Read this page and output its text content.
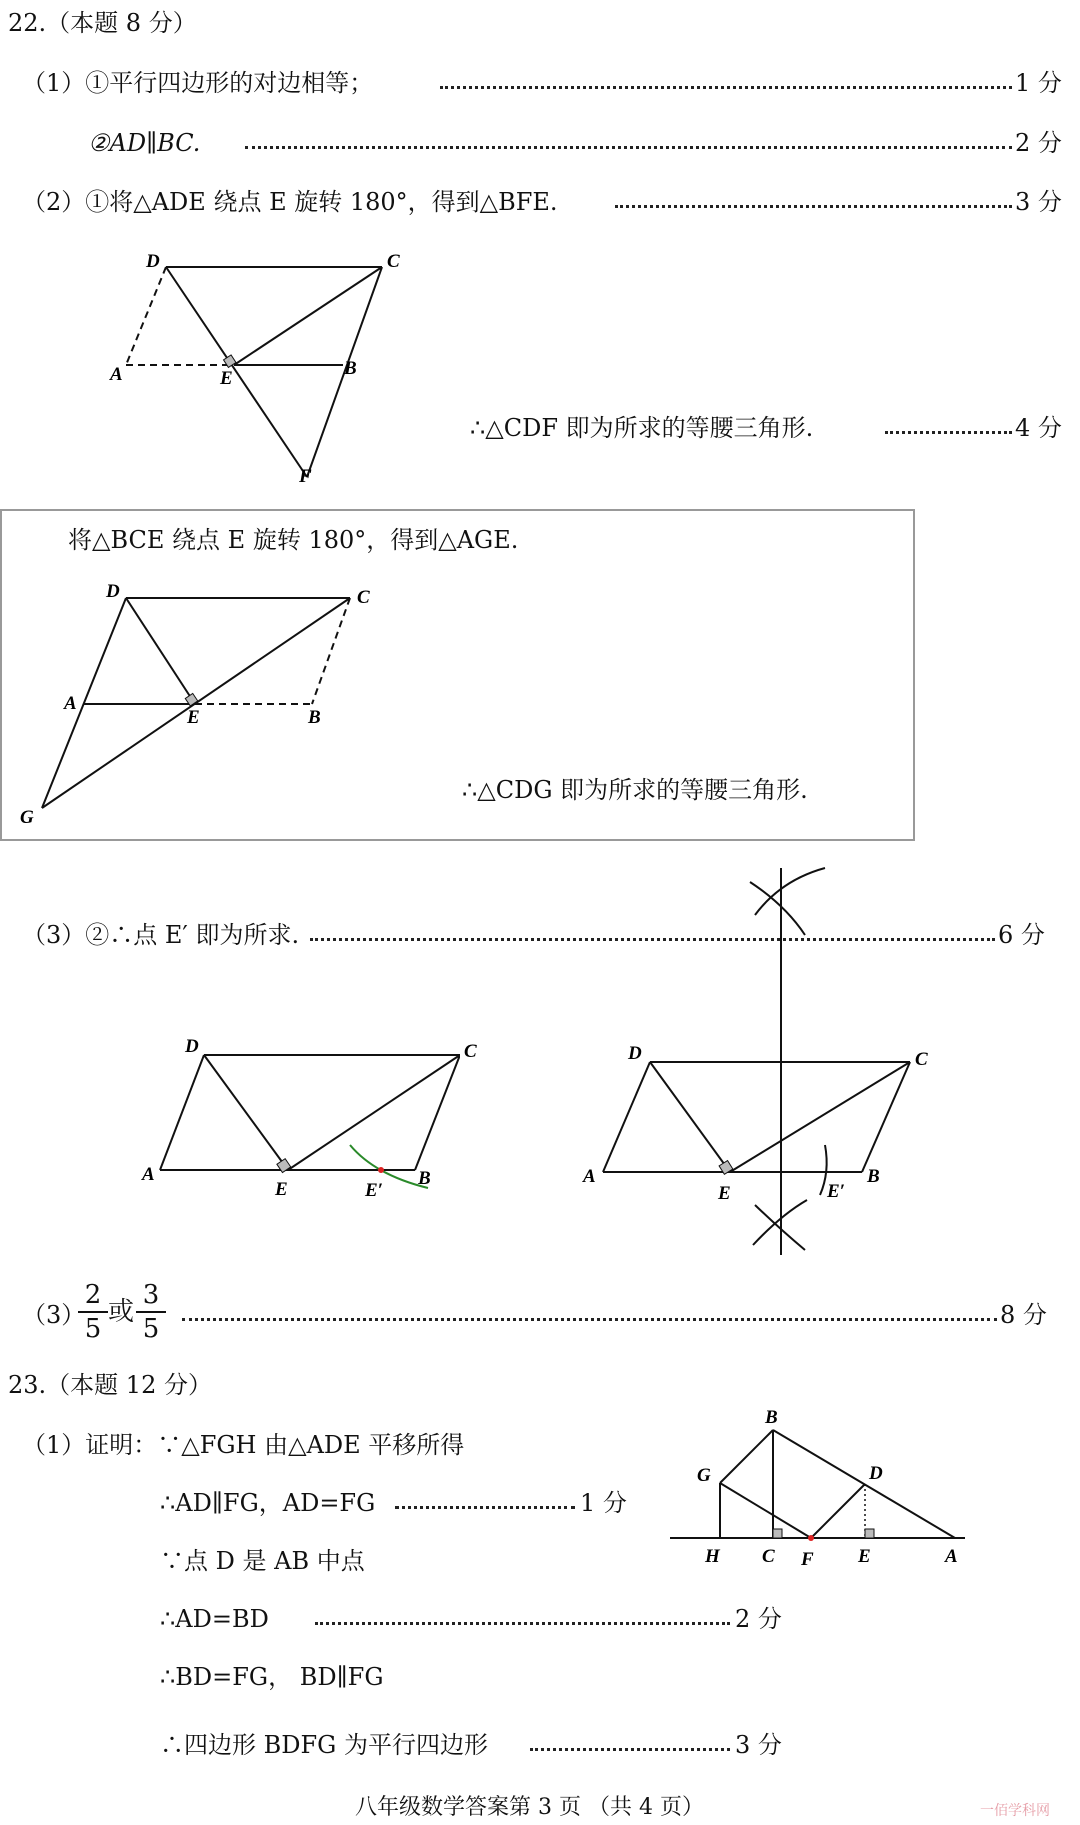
22.（本题 8 分）
（1）①平行四边形的对边相等；	1 分
②AD∥BC.	2 分
（2）①将△ADE 绕点 E 旋转 180°，得到△BFE.	3 分
D	C
A	E	B
F
∴△CDF 即为所求的等腰三角形.	4 分
将△BCE 绕点 E 旋转 180°，得到△AGE.
D	C
A
E	B
G
∴△CDG 即为所求的等腰三角形.
（3）②∴点 E′ 即为所求.	6 分
D
A
E	E′
B
C	D	C
A
E	E′
B
（3）
$\frac{2}{5}$ 或 $\frac{3}{5}$	8 分
23.（本题 12 分）
（1）证明：∵△FGH 由△ADE 平移所得
∴AD∥FG，AD=FG	1 分
∵点 D 是 AB 中点
∴AD=BD	2 分
∴BD=FG， BD∥FG
∴四边形 BDFG 为平行四边形	3 分
B
G	D
H C F E	A
八年级数学答案第 3 页 （共 4 页）	一佰学科网
